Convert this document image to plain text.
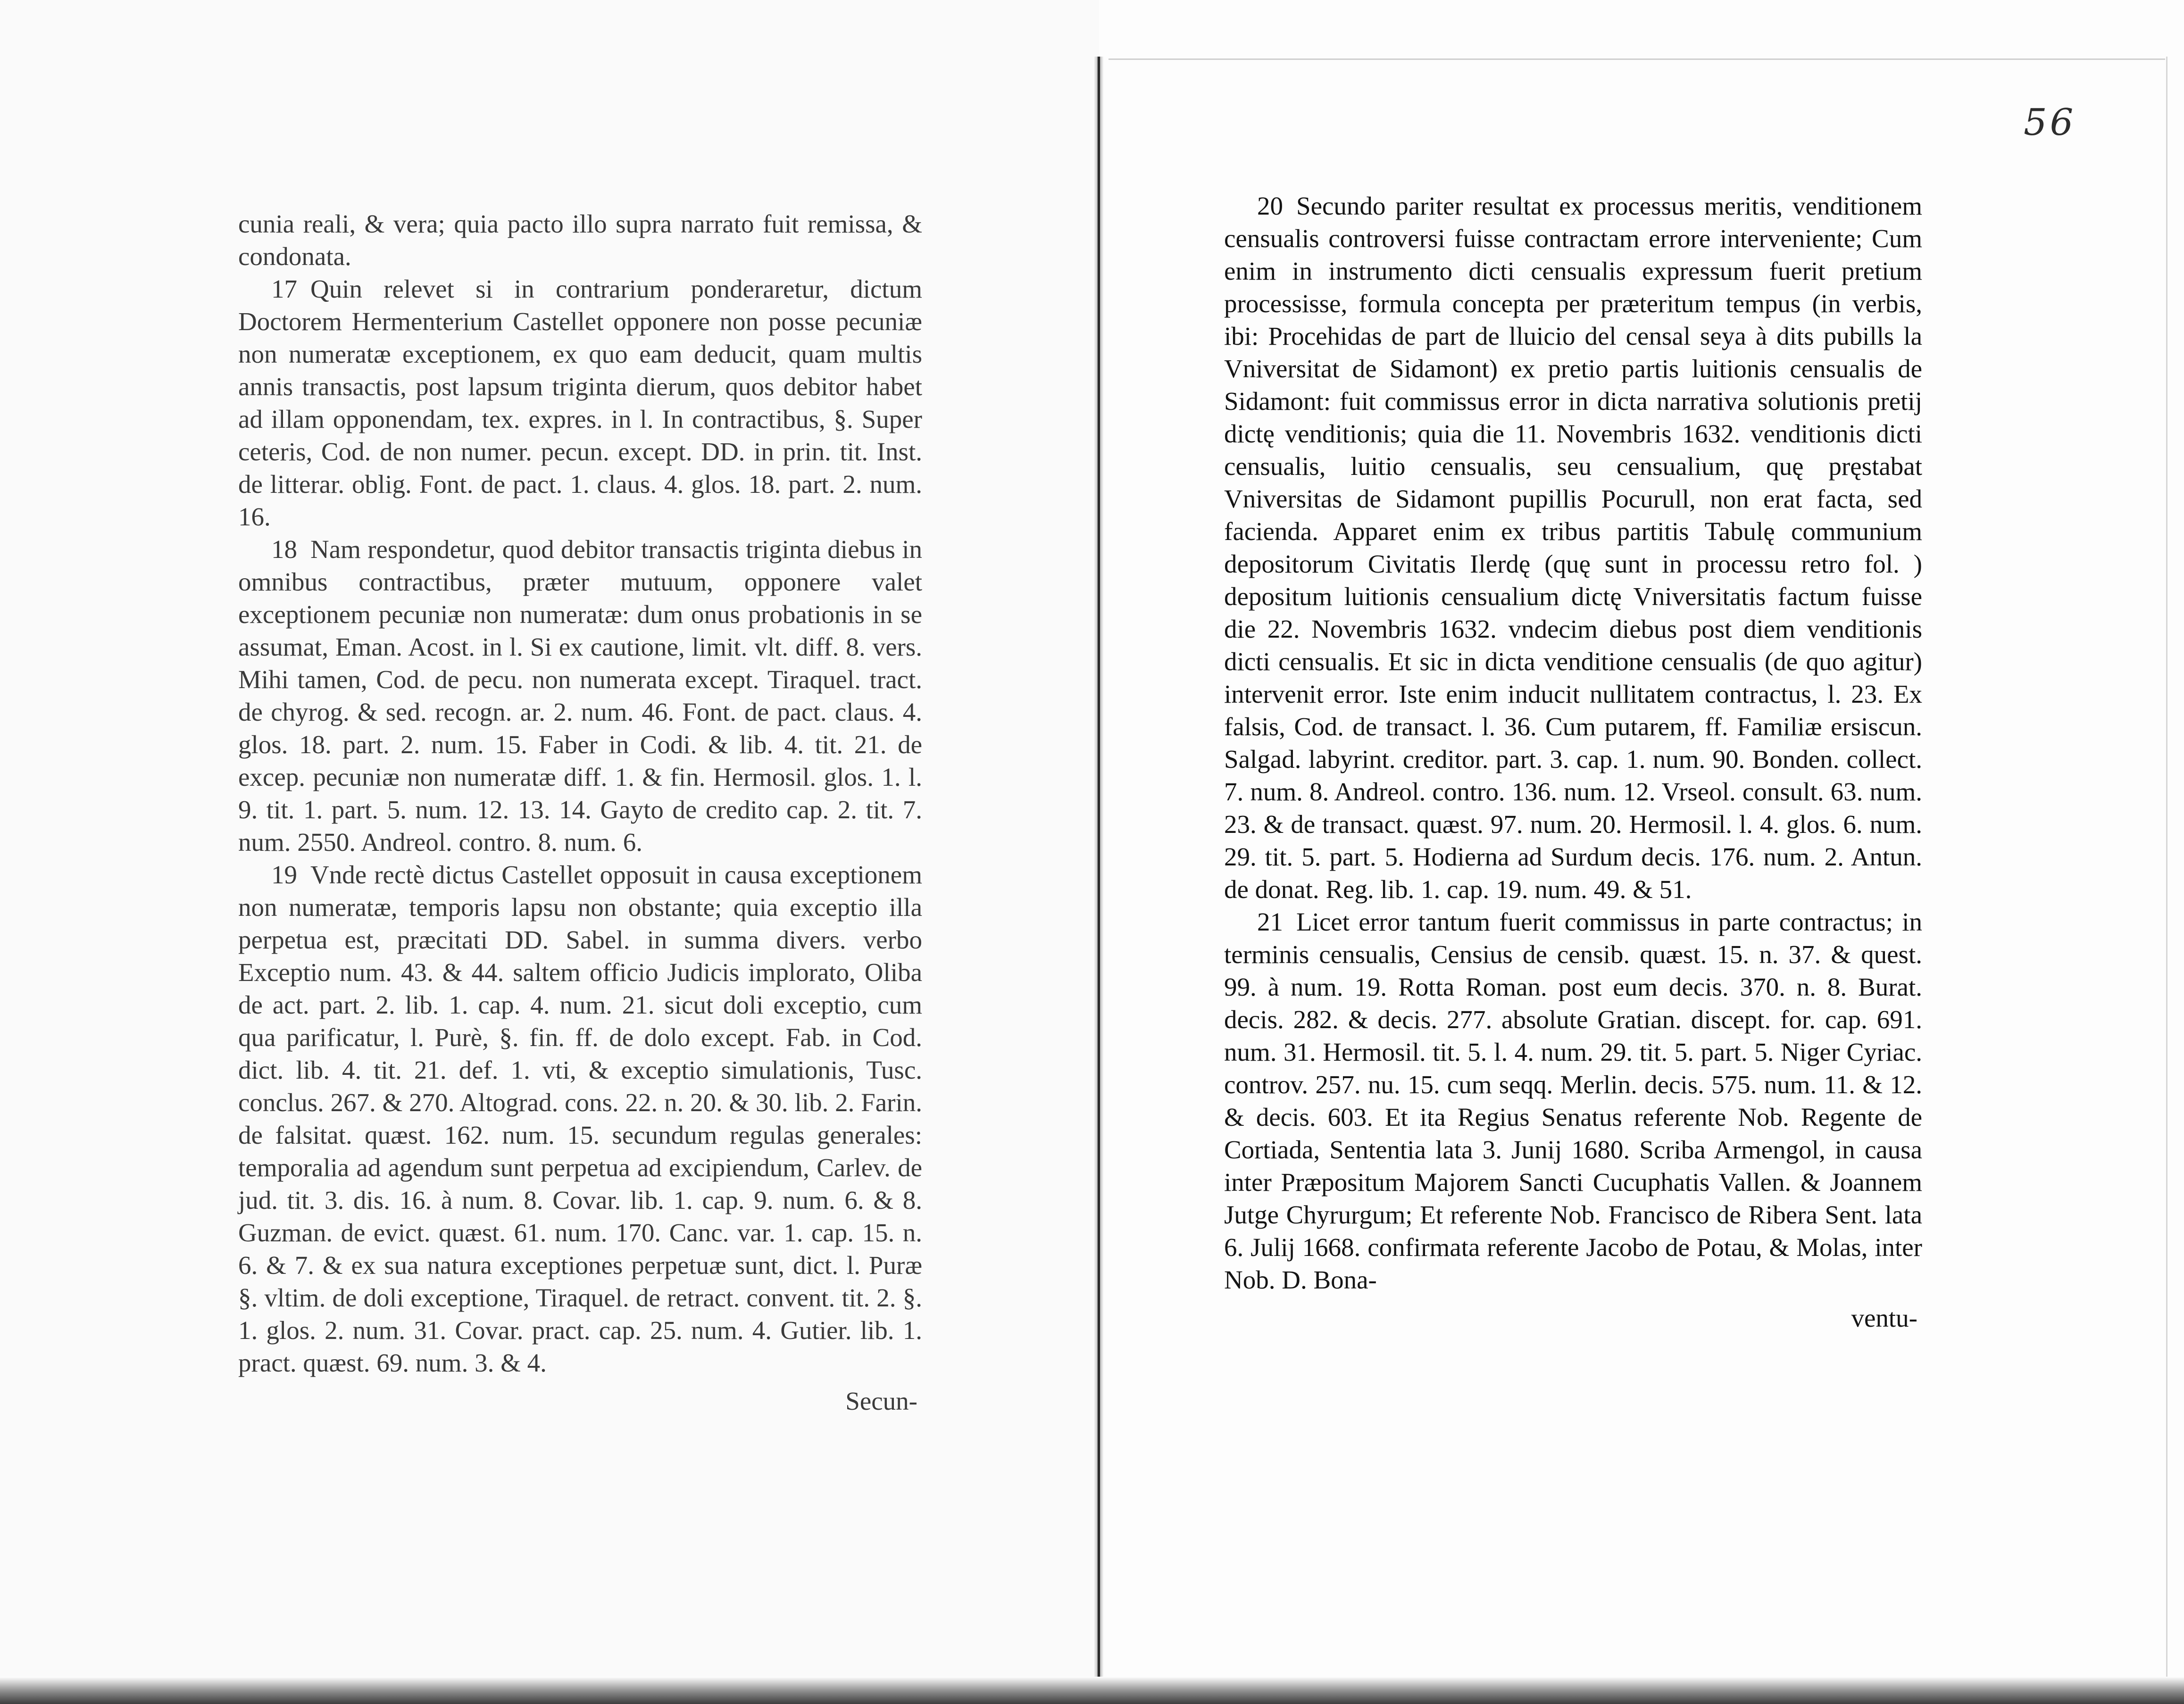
56

cunia reali, & vera; quia pacto illo supra narrato fuit remissa, & condonata.

17 Quin relevet si in contrarium ponderaretur, dictum Doctorem Hermenterium Castellet opponere non posse pecuniæ non numeratæ exceptionem, ex quo eam deducit, quam multis annis transactis, post lapsum triginta dierum, quos debitor habet ad illam opponendam, tex. expres. in l. In contractibus, §. Super ceteris, Cod. de non numer. pecun. except. DD. in prin. tit. Inst. de litterar. oblig. Font. de pact. 1. claus. 4. glos. 18. part. 2. num. 16.

18 Nam respondetur, quod debitor transactis triginta diebus in omnibus contractibus, præter mutuum, opponere valet exceptionem pecuniæ non numeratæ: dum onus probationis in se assumat, Eman. Acost. in l. Si ex cautione, limit. vlt. diff. 8. vers. Mihi tamen, Cod. de pecu. non numerata except. Tiraquel. tract. de chyrog. & sed. recogn. ar. 2. num. 46. Font. de pact. claus. 4. glos. 18. part. 2. num. 15. Faber in Codi. & lib. 4. tit. 21. de excep. pecuniæ non numeratæ diff. 1. & fin. Hermosil. glos. 1. l. 9. tit. 1. part. 5. num. 12. 13. 14. Gayto de credito cap. 2. tit. 7. num. 2550. Andreol. contro. 8. num. 6.

19 Vnde rectè dictus Castellet opposuit in causa exceptionem non numeratæ, temporis lapsu non obstante; quia exceptio illa perpetua est, præcitati DD. Sabel. in summa divers. verbo Exceptio num. 43. & 44. saltem officio Judicis implorato, Oliba de act. part. 2. lib. 1. cap. 4. num. 21. sicut doli exceptio, cum qua parificatur, l. Purè, §. fin. ff. de dolo except. Fab. in Cod. dict. lib. 4. tit. 21. def. 1. vti, & exceptio simulationis, Tusc. conclus. 267. & 270. Altograd. cons. 22. n. 20. & 30. lib. 2. Farin. de falsitat. quæst. 162. num. 15. secundum regulas generales: temporalia ad agendum sunt perpetua ad excipiendum, Carlev. de jud. tit. 3. dis. 16. à num. 8. Covar. lib. 1. cap. 9. num. 6. & 8. Guzman. de evict. quæst. 61. num. 170. Canc. var. 1. cap. 15. n. 6. & 7. & ex sua natura exceptiones perpetuæ sunt, dict. l. Puræ §. vltim. de doli exceptione, Tiraquel. de retract. convent. tit. 2. §. 1. glos. 2. num. 31. Covar. pract. cap. 25. num. 4. Gutier. lib. 1. pract. quæst. 69. num. 3. & 4.

Secun-

20 Secundo pariter resultat ex processus meritis, venditionem censualis controversi fuisse contractam errore interveniente; Cum enim in instrumento dicti censualis expressum fuerit pretium processisse, formula concepta per præteritum tempus (in verbis, ibi: Procehidas de part de lluicio del censal seya à dits pubills la Vniversitat de Sidamont) ex pretio partis luitionis censualis de Sidamont: fuit commissus error in dicta narrativa solutionis pretij dictę venditionis; quia die 11. Novembris 1632. venditionis dicti censualis, luitio censualis, seu censualium, quę pręstabat Vniversitas de Sidamont pupillis Pocurull, non erat facta, sed facienda. Apparet enim ex tribus partitis Tabulę communium depositorum Civitatis Ilerdę (quę sunt in processu retro fol. ) depositum luitionis censualium dictę Vniversitatis factum fuisse die 22. Novembris 1632. vndecim diebus post diem venditionis dicti censualis. Et sic in dicta venditione censualis (de quo agitur) intervenit error. Iste enim inducit nullitatem contractus, l. 23. Ex falsis, Cod. de transact. l. 36. Cum putarem, ff. Familiæ ersiscun. Salgad. labyrint. creditor. part. 3. cap. 1. num. 90. Bonden. collect. 7. num. 8. Andreol. contro. 136. num. 12. Vrseol. consult. 63. num. 23. & de transact. quæst. 97. num. 20. Hermosil. l. 4. glos. 6. num. 29. tit. 5. part. 5. Hodierna ad Surdum decis. 176. num. 2. Antun. de donat. Reg. lib. 1. cap. 19. num. 49. & 51.

21 Licet error tantum fuerit commissus in parte contractus; in terminis censualis, Censius de censib. quæst. 15. n. 37. & quest. 99. à num. 19. Rotta Roman. post eum decis. 370. n. 8. Burat. decis. 282. & decis. 277. absolute Gratian. discept. for. cap. 691. num. 31. Hermosil. tit. 5. l. 4. num. 29. tit. 5. part. 5. Niger Cyriac. controv. 257. nu. 15. cum seqq. Merlin. decis. 575. num. 11. & 12. & decis. 603. Et ita Regius Senatus referente Nob. Regente de Cortiada, Sententia lata 3. Junij 1680. Scriba Armengol, in causa inter Præpositum Majorem Sancti Cucuphatis Vallen. & Joannem Jutge Chyrurgum; Et referente Nob. Francisco de Ribera Sent. lata 6. Julij 1668. confirmata referente Jacobo de Potau, & Molas, inter Nob. D. Bona-

ventu-
